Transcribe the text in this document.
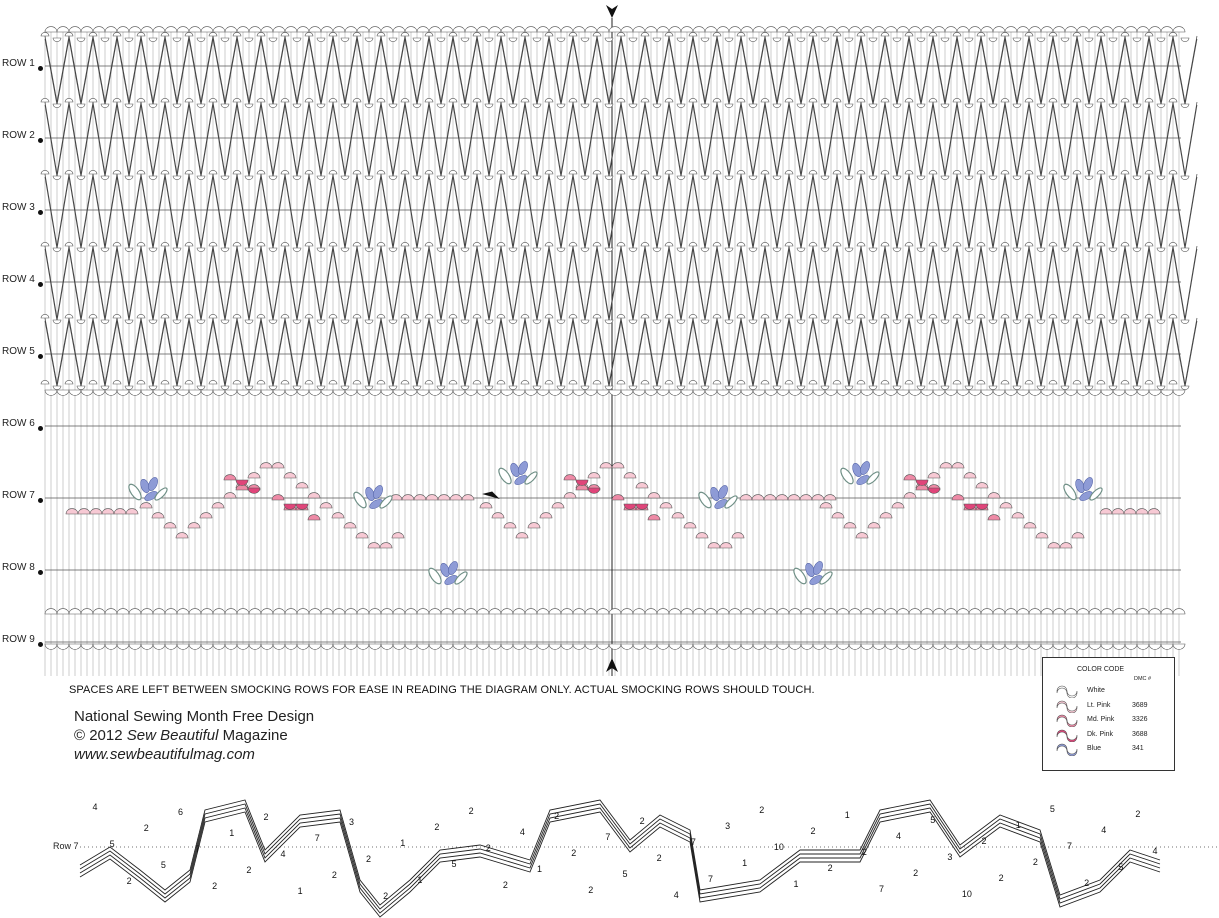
ROW 1
ROW 2
ROW 3
ROW 4
ROW 5
ROW 6
ROW 7
ROW 8
ROW 9
SPACES ARE LEFT BETWEEN SMOCKING ROWS FOR EASE IN READING THE DIAGRAM ONLY. ACTUAL SMOCKING ROWS SHOULD TOUCH.
National Sewing Month Free Design
© 2012 Sew Beautiful Magazine
www.sewbeautifulmag.com
COLOR CODE
DMC #
White
Lt. Pink	3689
Md. Pink	3326
Dk. Pink	3688
Blue	341
4
5
2
2
5
6
7
2
1
2
2
4
1
7
2
3
2
2
1
1
2
5
2
2
2
4
1
2
2
2
7
5
2
2
4
7
7
3
1
2
10
1
2
2
1
2
7
4
2
5
3
10
2
2
1
2
5
7
2
4
5
2
4
Row 7
